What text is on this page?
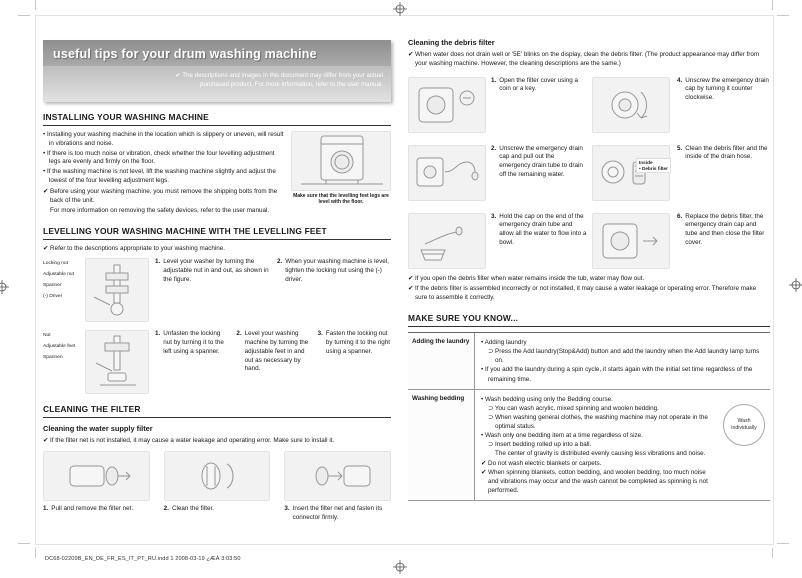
useful tips for your drum washing machine
✔ The descriptions and images in this document may differ from your actual
purchased product. For more information, refer to the user manual.
INSTALLING YOUR WASHING MACHINE
• Installing your washing machine in the location which is slippery or uneven, will result in vibrations and noise.
• If there is too much noise or vibration, check whether the four levelling adjustment legs are evenly and firmly on the floor.
• If the washing machine is not level, lift the washing machine slightly and adjust the lowest of the four levelling adjustment legs.
✔ Before using your washing machine, you must remove the shipping bolts from the back of the unit.
For more information on removing the safety devices, refer to the user manual.
Make sure that the levelling feet legs are level with the floor.
LEVELLING YOUR WASHING MACHINE WITH THE LEVELLING FEET
✔ Refer to the descriptions appropriate to your washing machine.
Locking nut
Adjustable nut
Spanner
(-) Driver
1. Level your washer by turning the adjustable nut in and out, as shown in the figure.
2. When your washing machine is level, tighten the locking nut using the (-) driver.
Nut
Adjustable feet
Spannen
1. Unfasten the locking nut by turning it to the left using a spanner.
2. Level your washing machine by turning the adjustable feet in and out as necessary by hand.
3. Fasten the locking nut by turning it to the right using a spanner.
CLEANING THE FILTER
Cleaning the water supply filter
✔ If the filter net is not installed, it may cause a water leakage and operating error. Make sure to install it.
1. Pull and remove the filter net.	2. Clean the filter.	3. Insert the filter net and fasten its connector firmly.
Cleaning the debris filter
✔ When water does not drain well or '5E' blinks on the display, clean the debris filter. (The product appearance may differ from your washing machine. However, the cleaning descriptions are the same.)
1. Open the filter cover using a coin or a key.
4. Unscrew the emergency drain cap by turning it counter clockwise.
2. Unscrew the emergency drain cap and pull out the emergency drain tube to drain off the remaining water.
Inside
• Debris filter
5. Clean the debris filter and the inside of the drain hose.
3. Hold the cap on the end of the emergency drain tube and allow all the water to flow into a bowl.
6. Replace the debris filter, the emergency drain cap and tube and then close the filter cover.
✔ If you open the debris filter when water remains inside the tub, water may flow out.
✔ If the debris filter is assembled incorrectly or not installed, it may cause a water leakage or operating error. Therefore make sure to assemble it correctly.
MAKE SURE YOU KNOW...
Adding the laundry	• Adding laundry
⊃ Press the Add laundry(Stop&Add) button and add the laundry when the Add laundry lamp turns on.
• If you add the laundry during a spin cycle, it starts again with the initial set time regardless of the remaining time.
Washing bedding	• Wash bedding using only the Bedding course.
⊃ You can wash acrylic, mixed spinning and woolen bedding.
⊃ When washing general clothes, the washing machine may not operate in the optimal status.
• Wash only one bedding item at a time regardless of size.
⊃ Insert bedding rolled up into a ball.
The center of gravity is distributed evenly causing less vibrations and noise.
✔ Do not wash electric blankets or carpets.
✔ When spinning blankets, cotton bedding, and woolen bedding, too much noise and vibrations may occur and the wash cannot be completed as spinning is not performed.
Wash individually
DC68-02209B_EN_DE_FR_ES_IT_PT_RU.indd 1 2008-03-19 ¿ÆÀ 3:03:50
